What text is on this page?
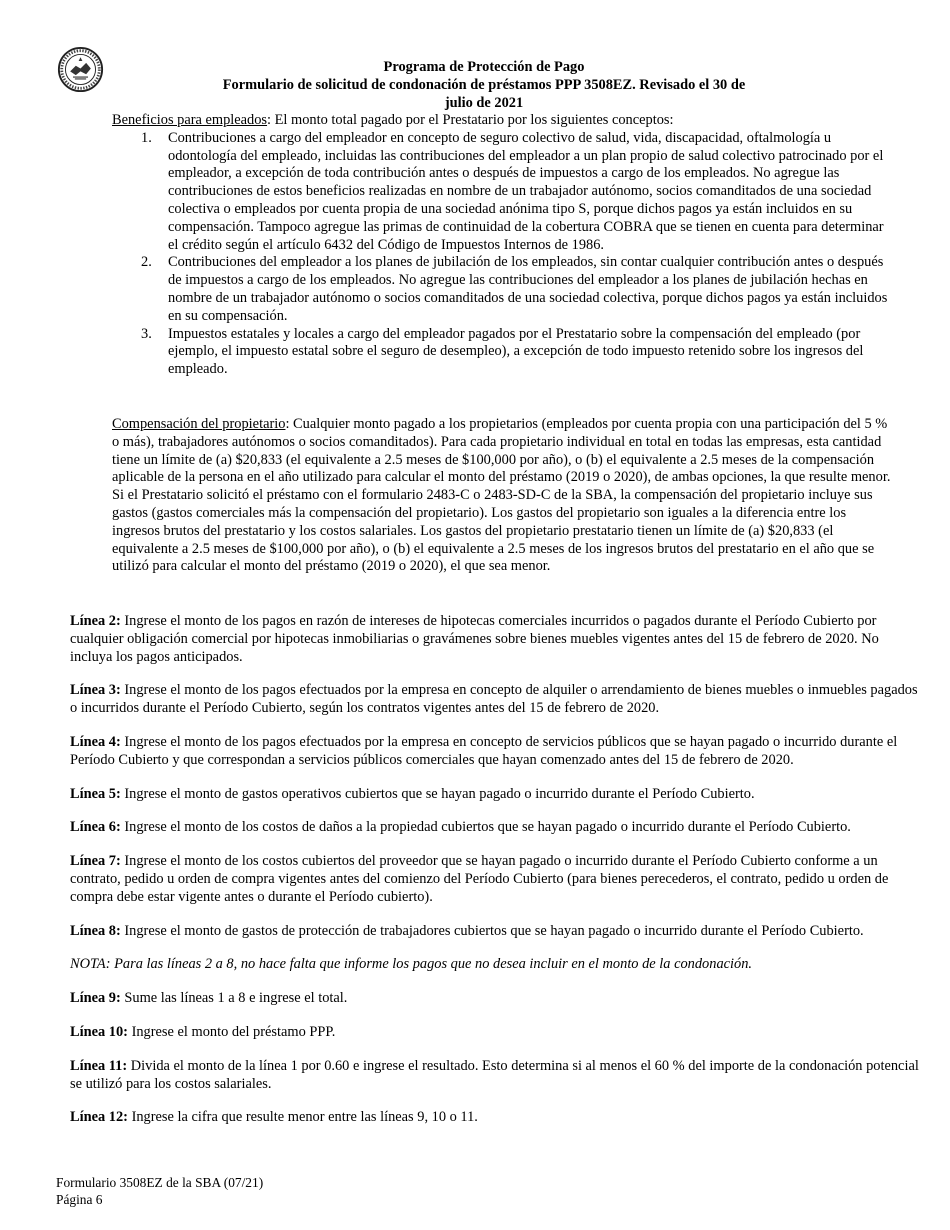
Programa de Protección de Pago
Formulario de solicitud de condonación de préstamos PPP 3508EZ. Revisado el 30 de julio de 2021
Beneficios para empleados: El monto total pagado por el Prestatario por los siguientes conceptos:
1. Contribuciones a cargo del empleador en concepto de seguro colectivo de salud, vida, discapacidad, oftalmología u odontología del empleado, incluidas las contribuciones del empleador a un plan propio de salud colectivo patrocinado por el empleador, a excepción de toda contribución antes o después de impuestos a cargo de los empleados. No agregue las contribuciones de estos beneficios realizadas en nombre de un trabajador autónomo, socios comanditados de una sociedad colectiva o empleados por cuenta propia de una sociedad anónima tipo S, porque dichos pagos ya están incluidos en su compensación. Tampoco agregue las primas de continuidad de la cobertura COBRA que se tienen en cuenta para determinar el crédito según el artículo 6432 del Código de Impuestos Internos de 1986.
2. Contribuciones del empleador a los planes de jubilación de los empleados, sin contar cualquier contribución antes o después de impuestos a cargo de los empleados. No agregue las contribuciones del empleador a los planes de jubilación hechas en nombre de un trabajador autónomo o socios comanditados de una sociedad colectiva, porque dichos pagos ya están incluidos en su compensación.
3. Impuestos estatales y locales a cargo del empleador pagados por el Prestatario sobre la compensación del empleado (por ejemplo, el impuesto estatal sobre el seguro de desempleo), a excepción de todo impuesto retenido sobre los ingresos del empleado.
Compensación del propietario: Cualquier monto pagado a los propietarios (empleados por cuenta propia con una participación del 5 % o más), trabajadores autónomos o socios comanditados). Para cada propietario individual en total en todas las empresas, esta cantidad tiene un límite de (a) $20,833 (el equivalente a 2.5 meses de $100,000 por año), o (b) el equivalente a 2.5 meses de la compensación aplicable de la persona en el año utilizado para calcular el monto del préstamo (2019 o 2020), de ambas opciones, la que resulte menor. Si el Prestatario solicitó el préstamo con el formulario 2483-C o 2483-SD-C de la SBA, la compensación del propietario incluye sus gastos (gastos comerciales más la compensación del propietario). Los gastos del propietario son iguales a la diferencia entre los ingresos brutos del prestatario y los costos salariales. Los gastos del propietario prestatario tienen un límite de (a) $20,833 (el equivalente a 2.5 meses de $100,000 por año), o (b) el equivalente a 2.5 meses de los ingresos brutos del prestatario en el año que se utilizó para calcular el monto del préstamo (2019 o 2020), el que sea menor.

Línea 2: Ingrese el monto de los pagos en razón de intereses de hipotecas comerciales incurridos o pagados durante el Período Cubierto por cualquier obligación comercial por hipotecas inmobiliarias o gravámenes sobre bienes muebles vigentes antes del 15 de febrero de 2020. No incluya los pagos anticipados.

Línea 3: Ingrese el monto de los pagos efectuados por la empresa en concepto de alquiler o arrendamiento de bienes muebles o inmuebles pagados o incurridos durante el Período Cubierto, según los contratos vigentes antes del 15 de febrero de 2020.

Línea 4: Ingrese el monto de los pagos efectuados por la empresa en concepto de servicios públicos que se hayan pagado o incurrido durante el Período Cubierto y que correspondan a servicios públicos comerciales que hayan comenzado antes del 15 de febrero de 2020.

Línea 5: Ingrese el monto de gastos operativos cubiertos que se hayan pagado o incurrido durante el Período Cubierto.

Línea 6: Ingrese el monto de los costos de daños a la propiedad cubiertos que se hayan pagado o incurrido durante el Período Cubierto.

Línea 7: Ingrese el monto de los costos cubiertos del proveedor que se hayan pagado o incurrido durante el Período Cubierto conforme a un contrato, pedido u orden de compra vigentes antes del comienzo del Período Cubierto (para bienes perecederos, el contrato, pedido u orden de compra debe estar vigente antes o durante el Período cubierto).

Línea 8: Ingrese el monto de gastos de protección de trabajadores cubiertos que se hayan pagado o incurrido durante el Período Cubierto.

NOTA: Para las líneas 2 a 8, no hace falta que informe los pagos que no desea incluir en el monto de la condonación.

Línea 9: Sume las líneas 1 a 8 e ingrese el total.

Línea 10: Ingrese el monto del préstamo PPP.

Línea 11: Divida el monto de la línea 1 por 0.60 e ingrese el resultado. Esto determina si al menos el 60 % del importe de la condonación potencial se utilizó para los costos salariales.

Línea 12: Ingrese la cifra que resulte menor entre las líneas 9, 10 o 11.

Formulario 3508EZ de la SBA (07/21)
Página 6
